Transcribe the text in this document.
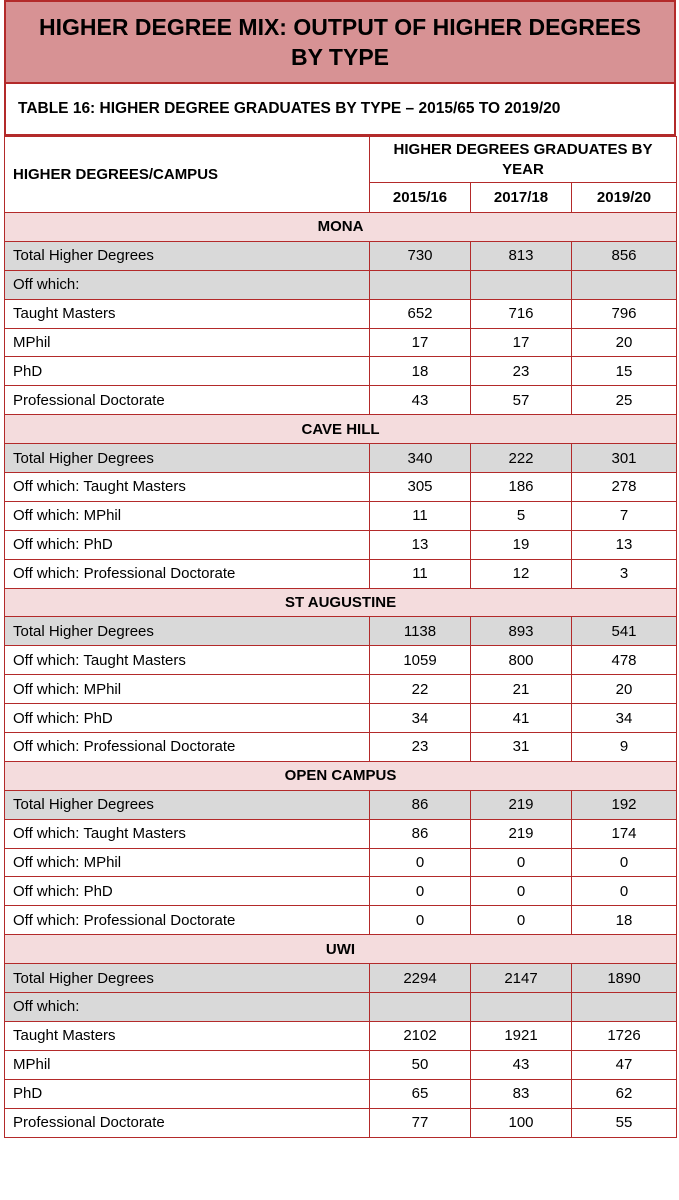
HIGHER DEGREE MIX: OUTPUT OF HIGHER DEGREES BY TYPE
TABLE 16: HIGHER DEGREE GRADUATES BY TYPE – 2015/65 TO 2019/20
HIGHER DEGREES/CAMPUS	HIGHER DEGREES GRADUATES BY YEAR		
	2015/16	2017/18	2019/20
MONA			
Total Higher Degrees	730	813	856
Off which:			
Taught Masters	652	716	796
MPhil	17	17	20
PhD	18	23	15
Professional Doctorate	43	57	25
CAVE HILL			
Total Higher Degrees	340	222	301
Off which: Taught Masters	305	186	278
Off which: MPhil	11	5	7
Off which: PhD	13	19	13
Off which: Professional Doctorate	11	12	3
ST AUGUSTINE			
Total Higher Degrees	1138	893	541
Off which: Taught Masters	1059	800	478
Off which: MPhil	22	21	20
Off which: PhD	34	41	34
Off which: Professional Doctorate	23	31	9
OPEN CAMPUS			
Total Higher Degrees	86	219	192
Off which: Taught Masters	86	219	174
Off which: MPhil	0	0	0
Off which: PhD	0	0	0
Off which: Professional Doctorate	0	0	18
UWI			
Total Higher Degrees	2294	2147	1890
Off which:			
Taught Masters	2102	1921	1726
MPhil	50	43	47
PhD	65	83	62
Professional Doctorate	77	100	55
